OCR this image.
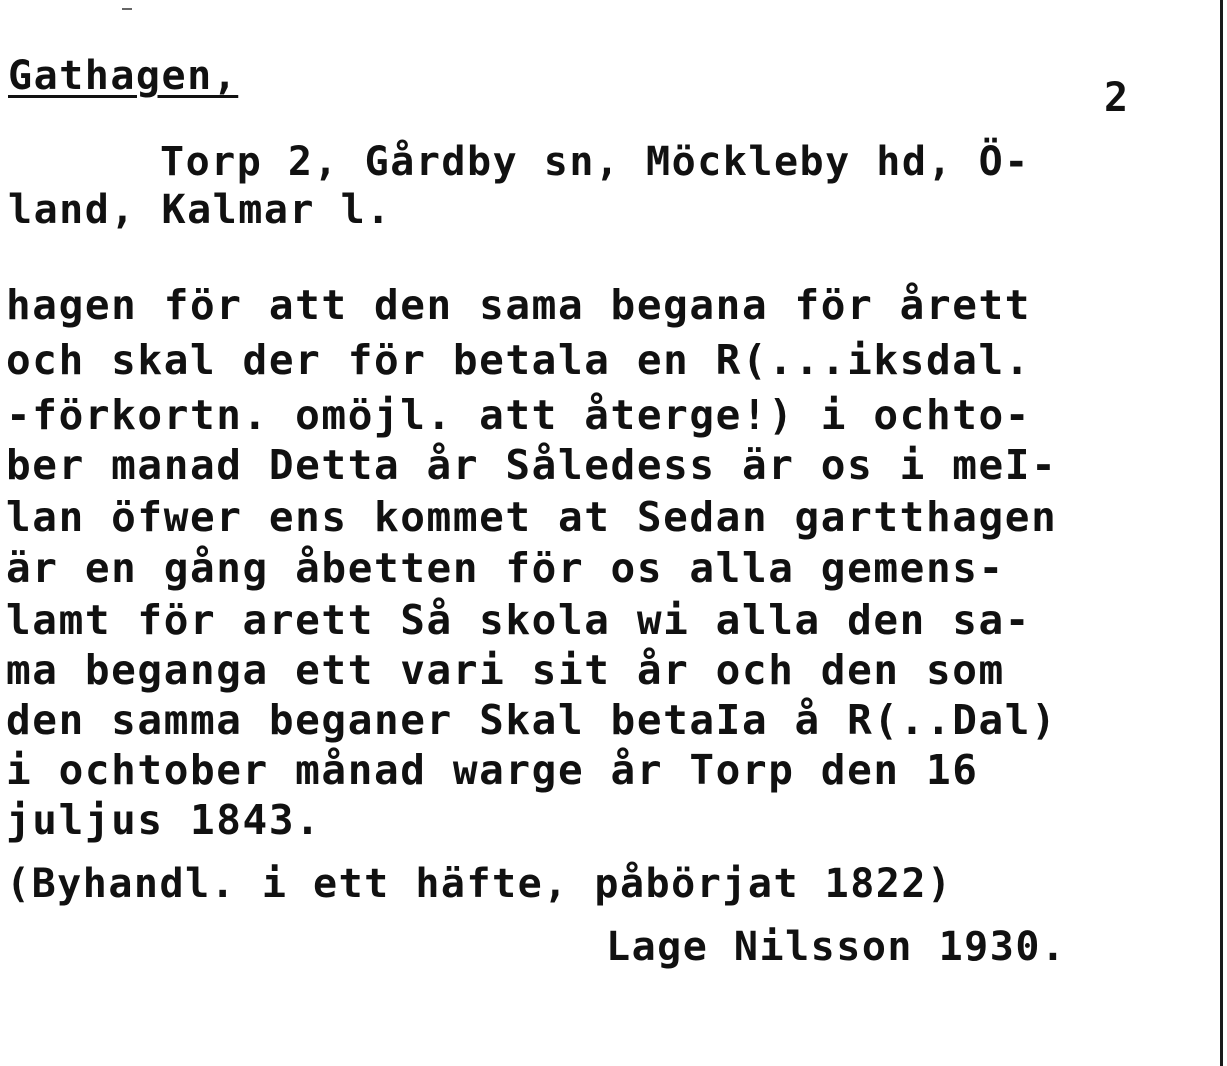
Gathagen,	2
Torp 2, Gårdby sn, Möckleby hd, Ö-
land, Kalmar l.
hagen för att den sama begana för årett
och skal der för betala en R(...iksdal.
-förkortn. omöjl. att återge!) i ochto-
ber manad Detta år Såledess är os i meI-
lan öfwer ens kommet at Sedan gartthagen
är en gång åbetten för os alla gemens-
lamt för arett Så skola wi alla den sa-
ma beganga ett vari sit år och den som
den samma beganer Skal betaIa å R(..Dal)
i ochtober månad warge år Torp den 16
juljus 1843.
(Byhandl. i ett häfte, påbörjat 1822)
Lage Nilsson 1930.
